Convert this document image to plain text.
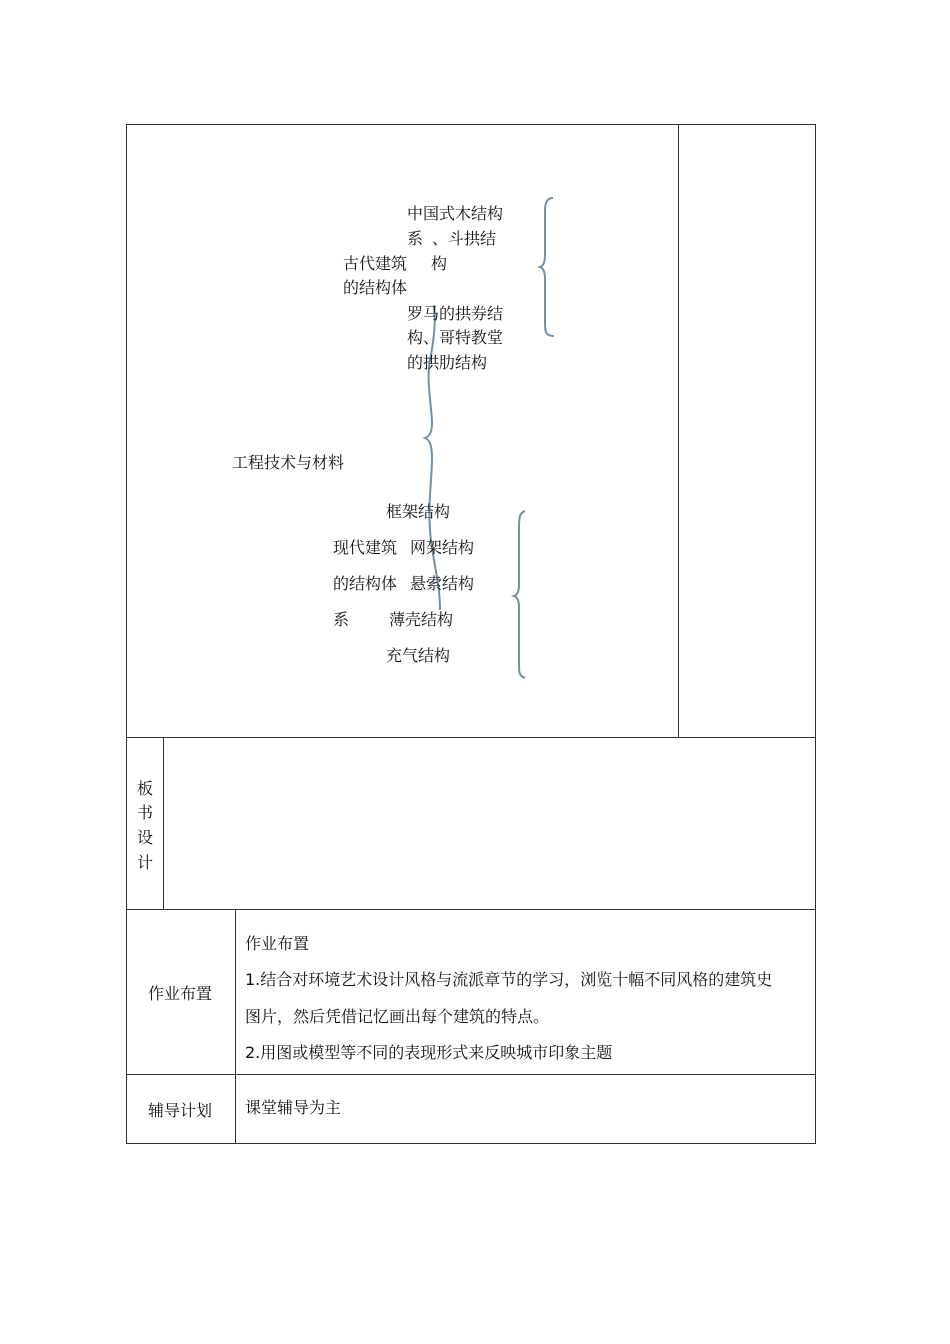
工程技术与材料
古代建筑
的结构体
中国式木结构
系 、斗拱结
构
罗马的拱券结
构、哥特教堂
的拱肋结构
现代建筑
的结构体
系
框架结构
网架结构
悬索结构
薄壳结构
充气结构
板
书
设
计
作业布置
作业布置
1.结合对环境艺术设计风格与流派章节的学习，浏览十幅不同风格的建筑史
图片，然后凭借记忆画出每个建筑的特点。
2.用图或模型等不同的表现形式来反映城市印象主题
辅导计划 课堂辅导为主
